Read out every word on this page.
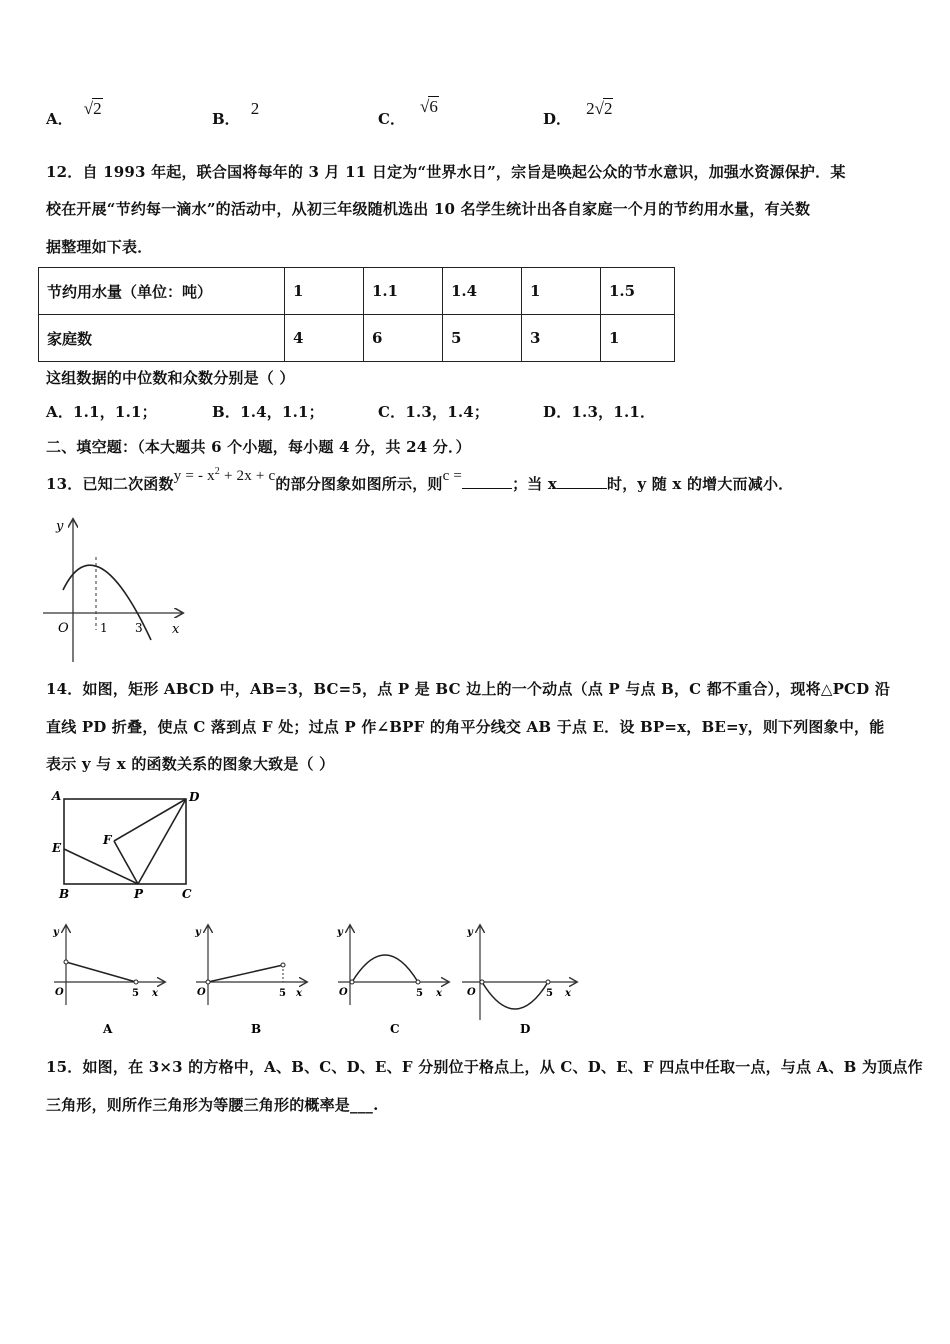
A． √2
B． 2
C． √6
D． 2√2
12．自 1993 年起，联合国将每年的 3 月 11 日定为“世界水日”，宗旨是唤起公众的节水意识，加强水资源保护．某
校在开展“节约每一滴水”的活动中，从初三年级随机选出 10 名学生统计出各自家庭一个月的节约用水量，有关数
据整理如下表．
节约用水量（单位：吨）	1	1.1	1.4	1	1.5
家庭数	4	6	5	3	1
这组数据的中位数和众数分别是（ ）
A．1.1，1.1；	B．1.4，1.1；	C．1.3，1.4；	D．1.3，1.1．
二、填空题：（本大题共 6 个小题，每小题 4 分，共 24 分．）
13．已知二次函数y = - $x^2 + 2x + c$的部分图象如图所示，则c =	；当 x	时，y 随 x 的增大而减小．
y
x
O	1 3
14．如图，矩形 ABCD 中，AB=3，BC=5，点 P 是 BC 边上的一个动点（点 P 与点 B，C 都不重合），现将△PCD 沿
直线 PD 折叠，使点 C 落到点 F 处；过点 P 作∠BPF 的角平分线交 AB 于点 E．设 BP=x，BE=y，则下列图象中，能
表示 y 与 x 的函数关系的图象大致是（ ）
A	D
E
F
B	P	C
y
O	5 x
A
y
O	5 x
B
y
O	5 x
C
y
O	5 x
D
15．如图，在 3×3 的方格中，A、B、C、D、E、F 分别位于格点上，从 C、D、E、F 四点中任取一点，与点 A、B 为顶点作
三角形，则所作三角形为等腰三角形的概率是___.
